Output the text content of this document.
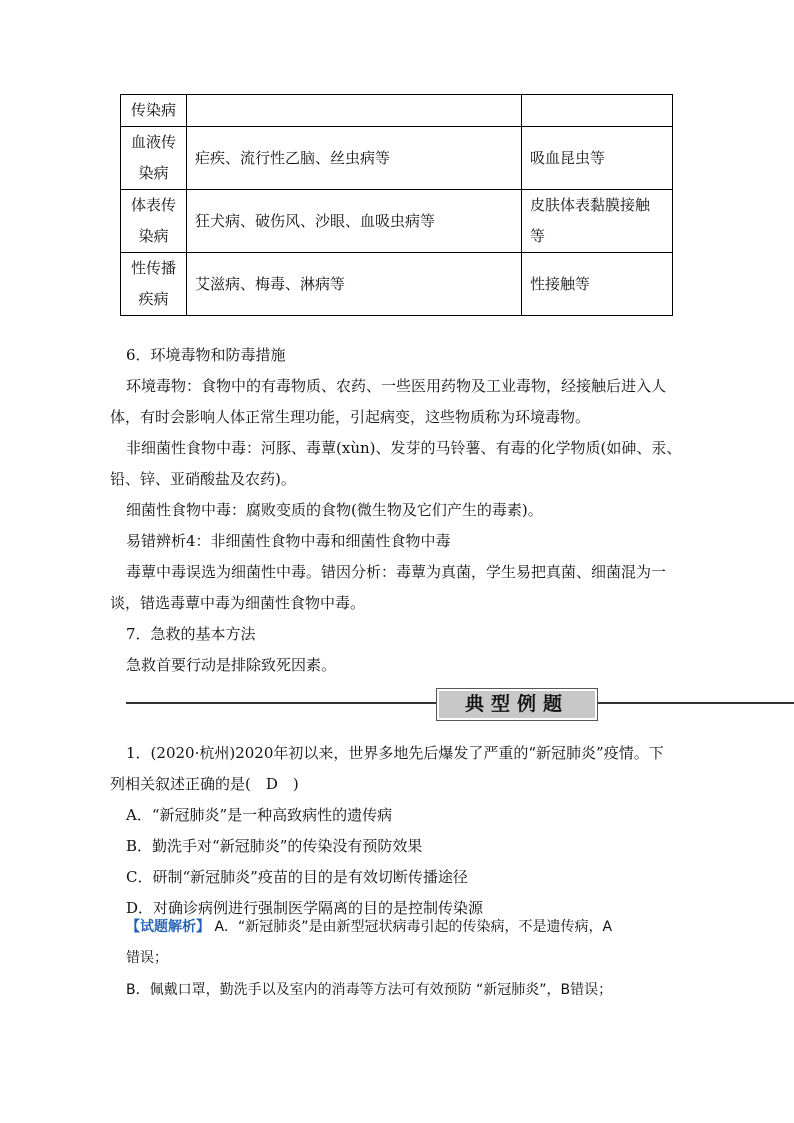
传染病		
血液传染病	疟疾、流行性乙脑、丝虫病等	吸血昆虫等
体表传染病	狂犬病、破伤风、沙眼、血吸虫病等	皮肤体表黏膜接触等
性传播疾病	艾滋病、梅毒、淋病等	性接触等
6．环境毒物和防毒措施
环境毒物：食物中的有毒物质、农药、一些医用药物及工业毒物，经接触后进入人
体，有时会影响人体正常生理功能，引起病变，这些物质称为环境毒物。
非细菌性食物中毒：河豚、毒蕈(xùn)、发芽的马铃薯、有毒的化学物质(如砷、汞、
铅、锌、亚硝酸盐及农药)。
细菌性食物中毒：腐败变质的食物(微生物及它们产生的毒素)。
易错辨析4：非细菌性食物中毒和细菌性食物中毒
毒蕈中毒误选为细菌性中毒。错因分析：毒蕈为真菌，学生易把真菌、细菌混为一
谈，错选毒蕈中毒为细菌性食物中毒。
7．急救的基本方法
急救首要行动是排除致死因素。
典型例题
1．(2020·杭州)2020年初以来，世界多地先后爆发了严重的“新冠肺炎”疫情。下
列相关叙述正确的是(　D　)
A．“新冠肺炎”是一种高致病性的遗传病
B．勤洗手对“新冠肺炎”的传染没有预防效果
C．研制“新冠肺炎”疫苗的目的是有效切断传播途径
D．对确诊病例进行强制医学隔离的目的是控制传染源
【试题解析】 A．“新冠肺炎”是由新型冠状病毒引起的传染病，不是遗传病，A
错误；
B．佩戴口罩，勤洗手以及室内的消毒等方法可有效预防 “新冠肺炎”，B错误；
